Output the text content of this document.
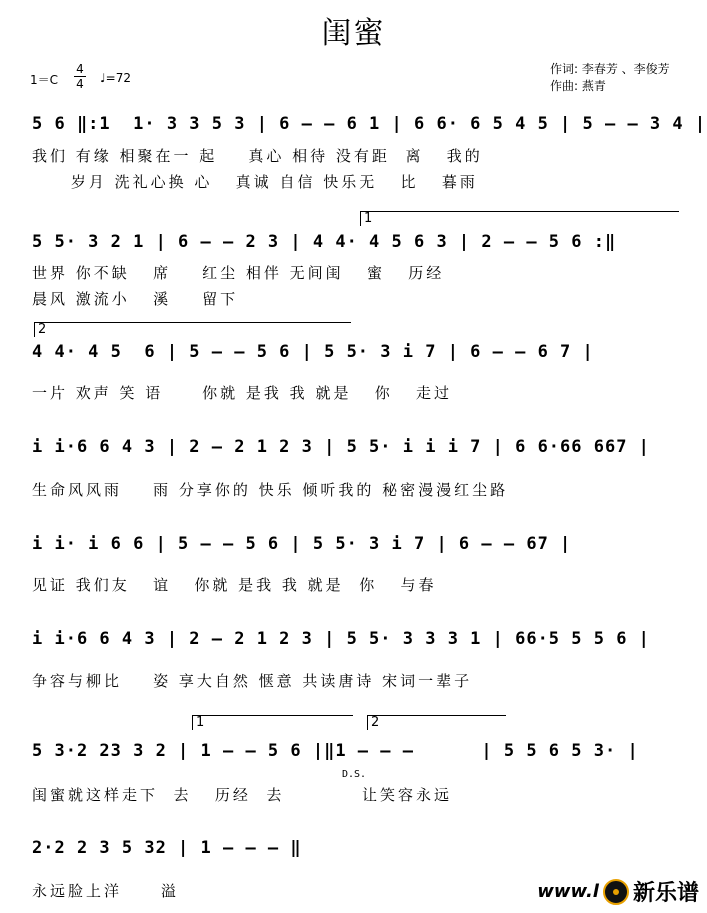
闺蜜
1＝C
4
4 ♩=72
作词: 李春芳 、李俊芳
作曲: 燕青
5 6 ‖:1  1· 3 3 5 3 | 6 – – 6 1 | 6 6· 6 5 4 5 | 5 – – 3 4 |
我们 有缘 相聚在一 起    真心 相待 没有距  离   我的
岁月 洗礼心换 心   真诚 自信 快乐无   比   暮雨
1
5 5· 3 2 1 | 6 – – 2 3 | 4 4· 4 5 6 3 | 2 – – 5 6 :‖
世界 你不缺   席    红尘 相伴 无间闺   蜜   历经
晨风 激流小   溪    留下
2
4 4· 4 5  6 | 5 – – 5 6 | 5 5· 3 i 7 | 6 – – 6 7 |
一片 欢声 笑 语     你就 是我 我 就是   你   走过
i i·6 6 4 3 | 2 – 2 1 2 3 | 5 5· i i i 7 | 6 6·66 667 |
生命风风雨    雨 分享你的 快乐 倾听我的 秘密漫漫红尘路
i i· i 6 6 | 5 – – 5 6 | 5 5· 3 i 7 | 6 – – 67 |
见证 我们友   谊   你就 是我 我 就是  你   与春
i i·6 6 4 3 | 2 – 2 1 2 3 | 5 5· 3 3 3 1 | 66·5 5 5 6 |
争容与柳比    姿 享大自然 惬意 共读唐诗 宋词一辈子
1	2
5 3·2 23 3 2 | 1 – – 5 6 |‖1 – – –      | 5 5 6 5 3· |
D.S.
闺蜜就这样走下  去   历经  去          让笑容永远
2·2 2 3 5 32 | 1 – – – ‖
永远脸上洋     溢	www.l 新乐谱
